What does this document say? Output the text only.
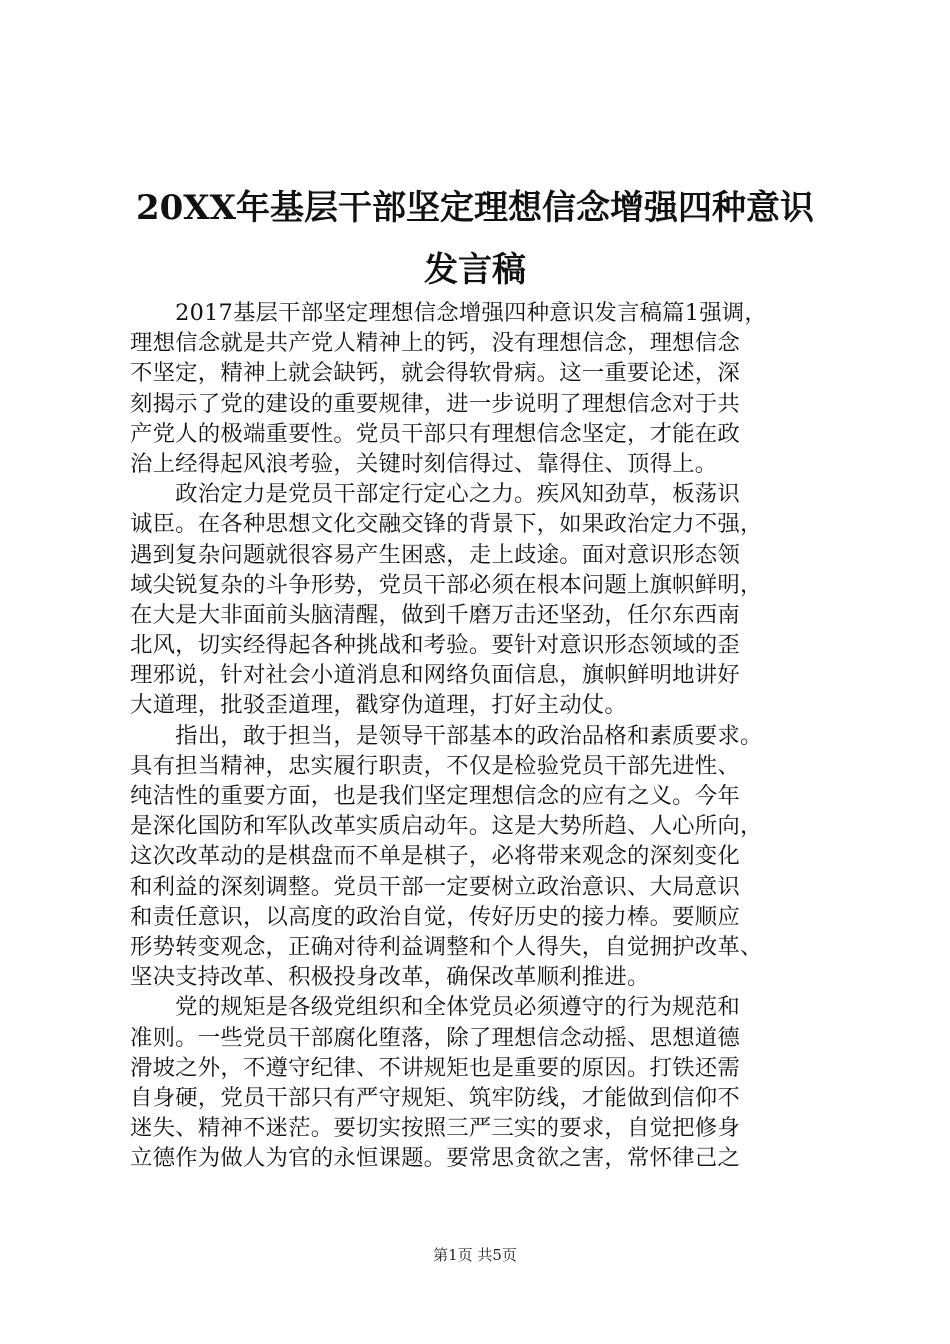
20XX年基层干部坚定理想信念增强四种意识
发言稿
　　2017基层干部坚定理想信念增强四种意识发言稿篇1强调，
理想信念就是共产党人精神上的钙，没有理想信念，理想信念
不坚定，精神上就会缺钙，就会得软骨病。这一重要论述，深
刻揭示了党的建设的重要规律，进一步说明了理想信念对于共
产党人的极端重要性。党员干部只有理想信念坚定，才能在政
治上经得起风浪考验，关键时刻信得过、靠得住、顶得上。
　　政治定力是党员干部定行定心之力。疾风知劲草，板荡识
诚臣。在各种思想文化交融交锋的背景下，如果政治定力不强，
遇到复杂问题就很容易产生困惑，走上歧途。面对意识形态领
域尖锐复杂的斗争形势，党员干部必须在根本问题上旗帜鲜明，
在大是大非面前头脑清醒，做到千磨万击还坚劲，任尔东西南
北风，切实经得起各种挑战和考验。要针对意识形态领域的歪
理邪说，针对社会小道消息和网络负面信息，旗帜鲜明地讲好
大道理，批驳歪道理，戳穿伪道理，打好主动仗。
　　指出，敢于担当，是领导干部基本的政治品格和素质要求。
具有担当精神，忠实履行职责，不仅是检验党员干部先进性、
纯洁性的重要方面，也是我们坚定理想信念的应有之义。今年
是深化国防和军队改革实质启动年。这是大势所趋、人心所向，
这次改革动的是棋盘而不单是棋子，必将带来观念的深刻变化
和利益的深刻调整。党员干部一定要树立政治意识、大局意识
和责任意识，以高度的政治自觉，传好历史的接力棒。要顺应
形势转变观念，正确对待利益调整和个人得失，自觉拥护改革、
坚决支持改革、积极投身改革，确保改革顺利推进。
　　党的规矩是各级党组织和全体党员必须遵守的行为规范和
准则。一些党员干部腐化堕落，除了理想信念动摇、思想道德
滑坡之外，不遵守纪律、不讲规矩也是重要的原因。打铁还需
自身硬，党员干部只有严守规矩、筑牢防线，才能做到信仰不
迷失、精神不迷茫。要切实按照三严三实的要求，自觉把修身
立德作为做人为官的永恒课题。要常思贪欲之害，常怀律己之
第1页 共5页
